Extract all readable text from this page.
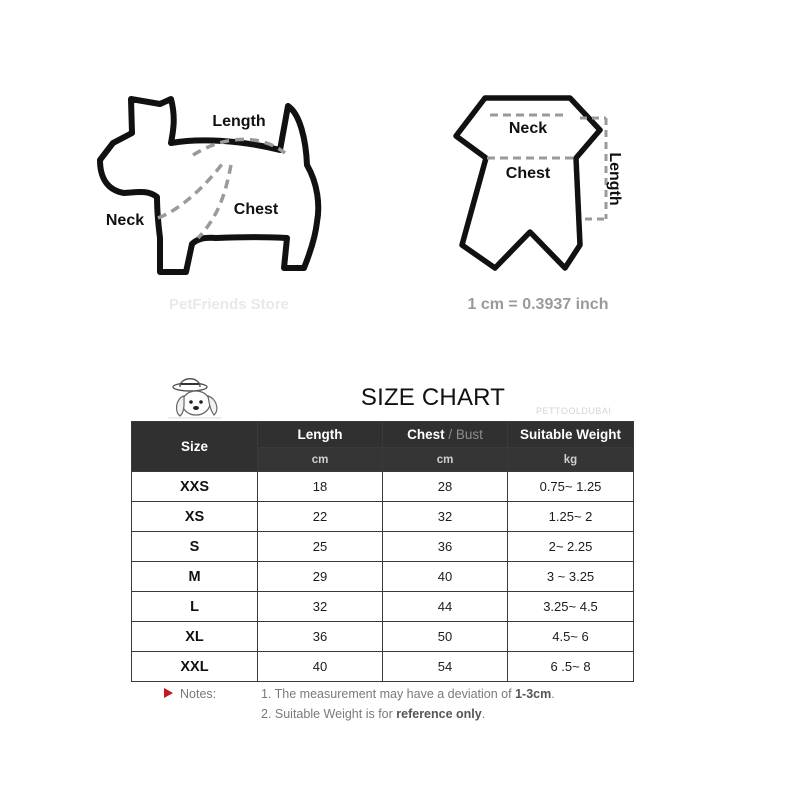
Length
Chest
Neck
PetFriends Store
Neck
Chest	Length
1 cm = 0.3937 inch
SIZE CHART	PETTOOLDUBAI
Size	Length	Chest / Bust	Suitable Weight
	cm	cm	kg
XXS	18	28	0.75~ 1.25
XS	22	32	1.25~ 2
S	25	36	2~ 2.25
M	29	40	3 ~ 3.25
L	32	44	3.25~ 4.5
XL	36	50	4.5~ 6
XXL	40	54	6 .5~ 8
Notes:	1. The measurement may have a deviation of 1-3cm.
2. Suitable Weight is for reference only.
